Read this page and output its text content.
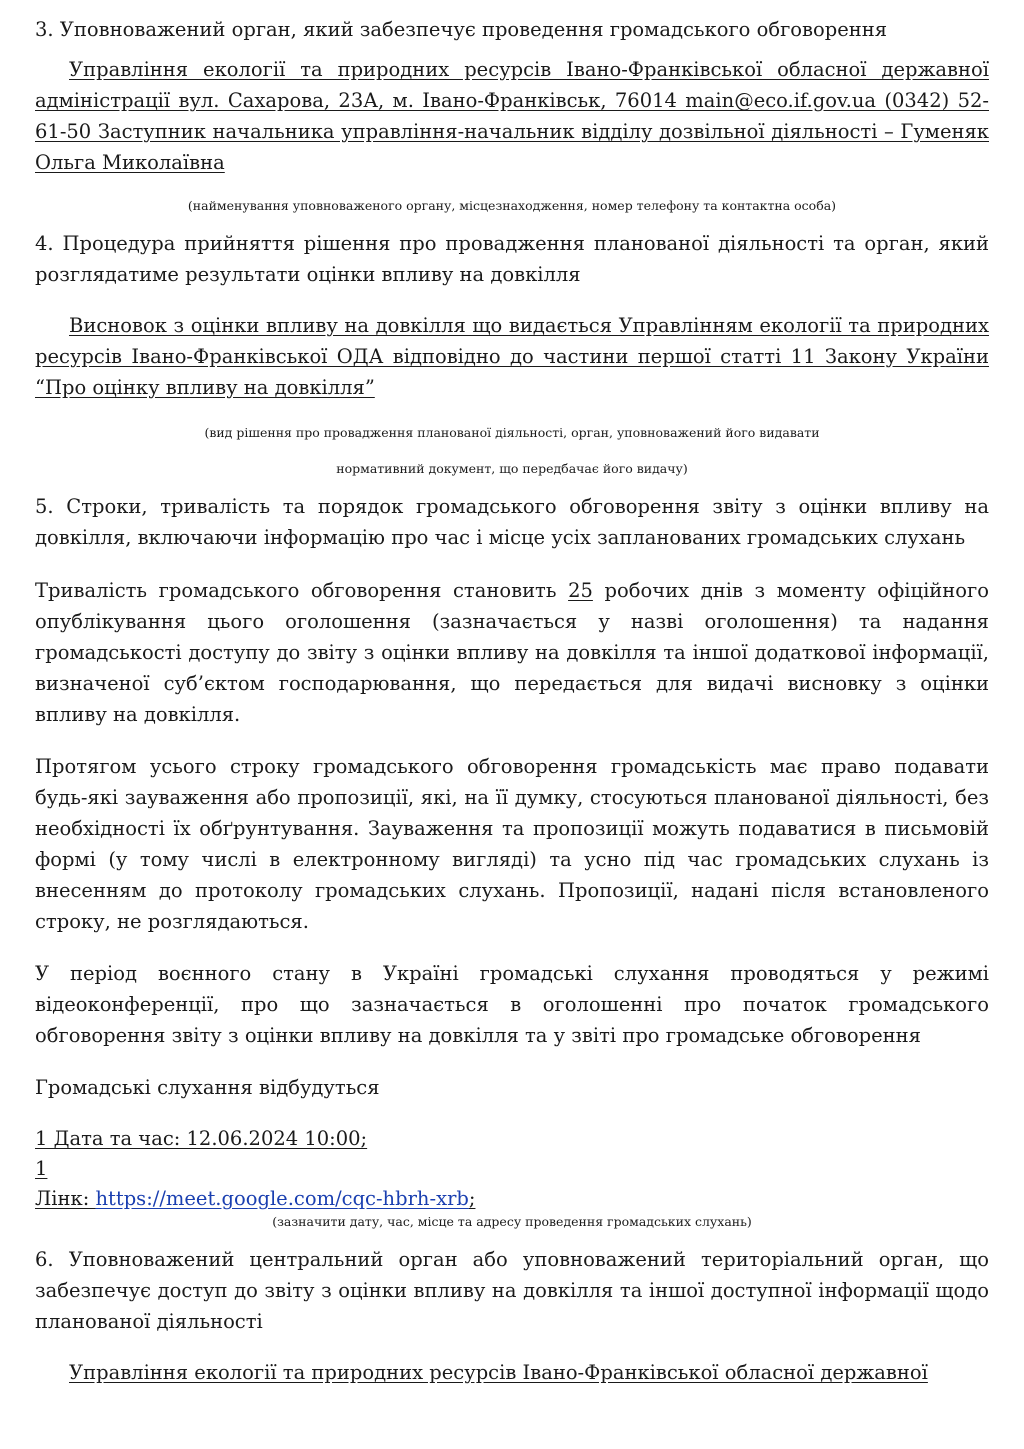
3. Уповноважений орган, який забезпечує проведення громадського обговорення

Управління екології та природних ресурсів Івано-Франківської обласної державної адміністрації вул. Сахарова, 23А, м. Івано-Франківськ, 76014 main@eco.if.gov.ua (0342) 52-61-50 Заступник начальника управління-начальник відділу дозвільної діяльності – Гуменяк Ольга Миколаївна

(найменування уповноваженого органу, місцезнаходження, номер телефону та контактна особа)

4. Процедура прийняття рішення про провадження планованої діяльності та орган, який розглядатиме результати оцінки впливу на довкілля

Висновок з оцінки впливу на довкілля що видається Управлінням екології та природних ресурсів Івано-Франківської ОДА відповідно до частини першої статті 11 Закону України “Про оцінку впливу на довкілля”

(вид рішення про провадження планованої діяльності, орган, уповноважений його видавати

нормативний документ, що передбачає його видачу)

5. Строки, тривалість та порядок громадського обговорення звіту з оцінки впливу на довкілля, включаючи інформацію про час і місце усіх запланованих громадських слухань

Тривалість громадського обговорення становить 25 робочих днів з моменту офіційного опублікування цього оголошення (зазначається у назві оголошення) та надання громадськості доступу до звіту з оцінки впливу на довкілля та іншої додаткової інформації, визначеної суб’єктом господарювання, що передається для видачі висновку з оцінки впливу на довкілля.

Протягом усього строку громадського обговорення громадськість має право подавати будь-які зауваження або пропозиції, які, на її думку, стосуються планованої діяльності, без необхідності їх обґрунтування. Зауваження та пропозиції можуть подаватися в письмовій формі (у тому числі в електронному вигляді) та усно під час громадських слухань із внесенням до протоколу громадських слухань. Пропозиції, надані після встановленого строку, не розглядаються.

У період воєнного стану в Україні громадські слухання проводяться у режимі відеоконференції, про що зазначається в оголошенні про початок громадського обговорення звіту з оцінки впливу на довкілля та у звіті про громадське обговорення

Громадські слухання відбудуться

1 Дата та час: 12.06.2024 10:00;

1

Лінк: https://meet.google.com/cqc-hbrh-xrb;

(зазначити дату, час, місце та адресу проведення громадських слухань)

6. Уповноважений центральний орган або уповноважений територіальний орган, що забезпечує доступ до звіту з оцінки впливу на довкілля та іншої доступної інформації щодо планованої діяльності

Управління екології та природних ресурсів Івано-Франківської обласної державної
